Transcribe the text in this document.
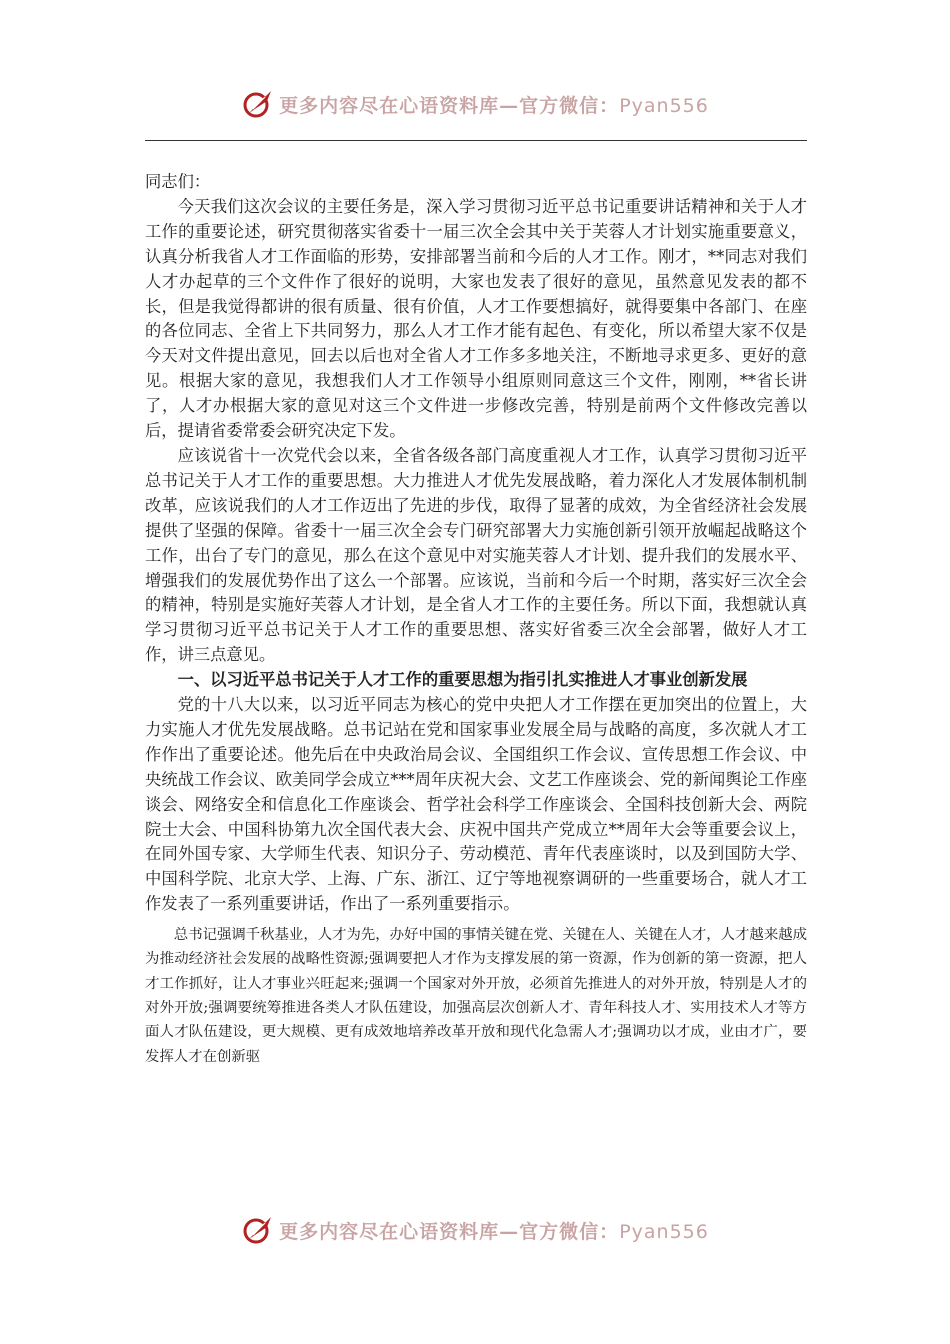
更多内容尽在心语资料库—官方微信：Pyan556

同志们：

今天我们这次会议的主要任务是，深入学习贯彻习近平总书记重要讲话精神和关于人才工作的重要论述，研究贯彻落实省委十一届三次全会其中关于芙蓉人才计划实施重要意义，认真分析我省人才工作面临的形势，安排部署当前和今后的人才工作。刚才，**同志对我们人才办起草的三个文件作了很好的说明，大家也发表了很好的意见，虽然意见发表的都不长，但是我觉得都讲的很有质量、很有价值，人才工作要想搞好，就得要集中各部门、在座的各位同志、全省上下共同努力，那么人才工作才能有起色、有变化，所以希望大家不仅是今天对文件提出意见，回去以后也对全省人才工作多多地关注，不断地寻求更多、更好的意见。根据大家的意见，我想我们人才工作领导小组原则同意这三个文件，刚刚，**省长讲了，人才办根据大家的意见对这三个文件进一步修改完善，特别是前两个文件修改完善以后，提请省委常委会研究决定下发。

应该说省十一次党代会以来，全省各级各部门高度重视人才工作，认真学习贯彻习近平总书记关于人才工作的重要思想。大力推进人才优先发展战略，着力深化人才发展体制机制改革，应该说我们的人才工作迈出了先进的步伐，取得了显著的成效，为全省经济社会发展提供了坚强的保障。省委十一届三次全会专门研究部署大力实施创新引领开放崛起战略这个工作，出台了专门的意见，那么在这个意见中对实施芙蓉人才计划、提升我们的发展水平、增强我们的发展优势作出了这么一个部署。应该说，当前和今后一个时期，落实好三次全会的精神，特别是实施好芙蓉人才计划，是全省人才工作的主要任务。所以下面，我想就认真学习贯彻习近平总书记关于人才工作的重要思想、落实好省委三次全会部署，做好人才工作，讲三点意见。

一、以习近平总书记关于人才工作的重要思想为指引扎实推进人才事业创新发展

党的十八大以来，以习近平同志为核心的党中央把人才工作摆在更加突出的位置上，大力实施人才优先发展战略。总书记站在党和国家事业发展全局与战略的高度，多次就人才工作作出了重要论述。他先后在中央政治局会议、全国组织工作会议、宣传思想工作会议、中央统战工作会议、欧美同学会成立***周年庆祝大会、文艺工作座谈会、党的新闻舆论工作座谈会、网络安全和信息化工作座谈会、哲学社会科学工作座谈会、全国科技创新大会、两院院士大会、中国科协第九次全国代表大会、庆祝中国共产党成立**周年大会等重要会议上，在同外国专家、大学师生代表、知识分子、劳动模范、青年代表座谈时，以及到国防大学、中国科学院、北京大学、上海、广东、浙江、辽宁等地视察调研的一些重要场合，就人才工作发表了一系列重要讲话，作出了一系列重要指示。

总书记强调千秋基业，人才为先，办好中国的事情关键在党、关键在人、关键在人才，人才越来越成为推动经济社会发展的战略性资源;强调要把人才作为支撑发展的第一资源，作为创新的第一资源，把人才工作抓好，让人才事业兴旺起来;强调一个国家对外开放，必须首先推进人的对外开放，特别是人才的对外开放;强调要统筹推进各类人才队伍建设，加强高层次创新人才、青年科技人才、实用技术人才等方面人才队伍建设，更大规模、更有成效地培养改革开放和现代化急需人才;强调功以才成，业由才广，要发挥人才在创新驱

更多内容尽在心语资料库—官方微信：Pyan556
